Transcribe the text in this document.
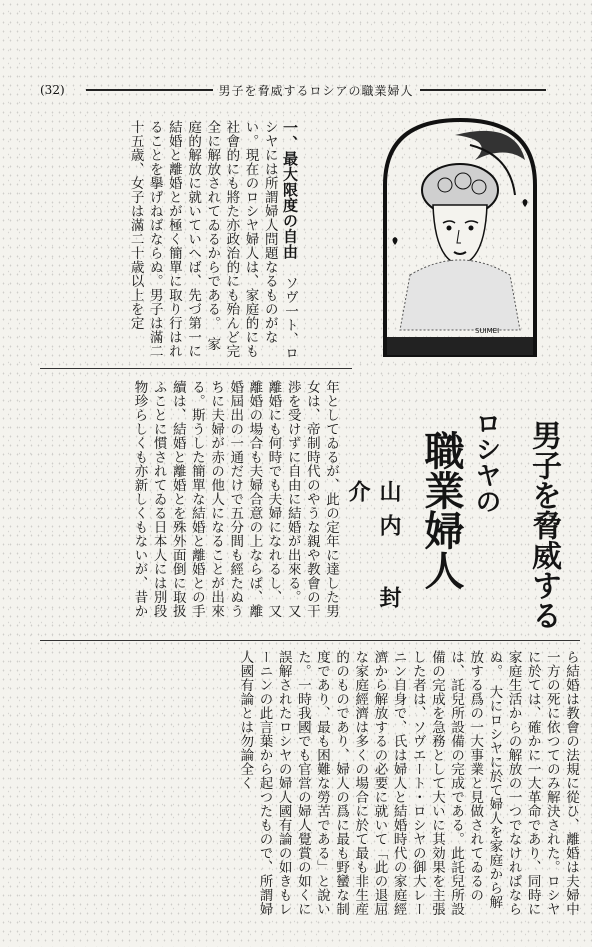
(32)	男子を脅威するロシアの職業婦人
一、最大限度の自由 ソヴ一ト、ロシヤには所謂婦人問題なるものがない。現在のロシヤ婦人は、家庭的にも社會的にも將た亦政治的にも殆んど完全に解放されてゐるからである。　家庭的解放に就いていへば、先づ第一に結婚と離婚とが極く簡單に取り行はれることを擧げねばならぬ。男子は滿二十五歳、女子は滿二十歳以上を定
年としてゐるが、此の定年に達した男女は、帝制時代のやうな親や教會の干渉を受けずに自由に結婚が出來る。又離婚にも何時でも夫婦になれるし、又離婚の場合も夫婦合意の上ならば、離婚屆出の一通だけで五分間も經たぬうちに夫婦が赤の他人になることが出來る。斯うした簡單な結婚と離婚との手續は、結婚と離婚とを殊外面倒に取扱ふことに慣されてゐる日本人には別段物珍らしくも亦新しくもないが、昔か	男子を脅威する
ロシヤの
職業婦人
山内 封介
ら結婚は教會の法規に從ひ、離婚は夫婦中一方の死に依つてのみ解決された。ロシヤに於ては、確かに一大革命であり、同時に家庭生活からの解放の一つでなければならぬ。　大にロシヤに於て婦人を家庭から解放する爲の一大事業と見做されてゐるのは、託兒所設備の完成である。此託兒所設備の完成を急務として大いに其効果を主張した者は、ソヴエート・ロシヤの御大レーニン自身で、氏は婦人と結婚時代の家庭經濟から解放するの必要に就いて「此の退屈な家庭經濟は多くの場合に於て最も非生産的のものであり、婦人の爲に最も野蠻な制度であり、最も困難な勞苦である」と說いた。一時我國でも官営の婦人覺賞の如くに誤解されたロシヤの婦人國有論の如きもレーニンの此言葉から起つたもので、所謂婦人國有論とは勿論全く
SUIMEI
